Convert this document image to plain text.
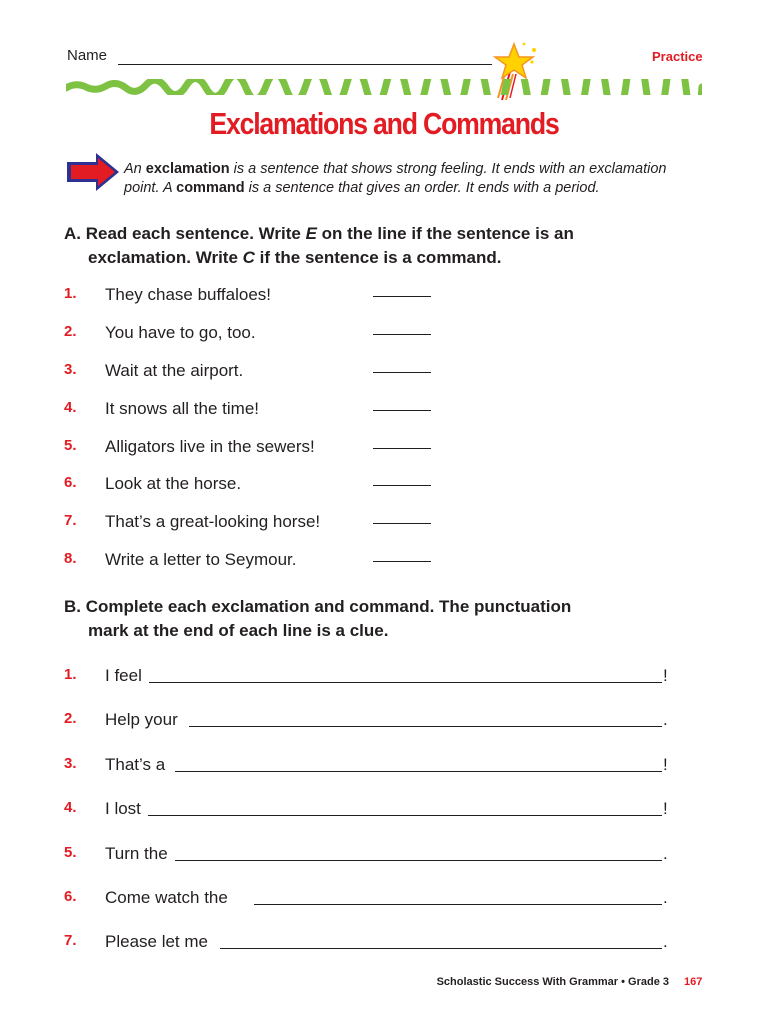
Name	Practice
Exclamations and Commands
An exclamation is a sentence that shows strong feeling. It ends with an exclamation point. A command is a sentence that gives an order. It ends with a period.
A. Read each sentence. Write E on the line if the sentence is an
exclamation. Write C if the sentence is a command.
1. They chase buffaloes!
2. You have to go, too.
3. Wait at the airport.
4. It snows all the time!
5. Alligators live in the sewers!
6. Look at the horse.
7. That’s a great-looking horse!
8. Write a letter to Seymour.
B. Complete each exclamation and command. The punctuation
mark at the end of each line is a clue.
1. I feel	!
2. Help your	.
3. That’s a	!
4. I lost	!
5. Turn the	.
6. Come watch the	.
7. Please let me	.
Scholastic Success With Grammar • Grade 3 167
